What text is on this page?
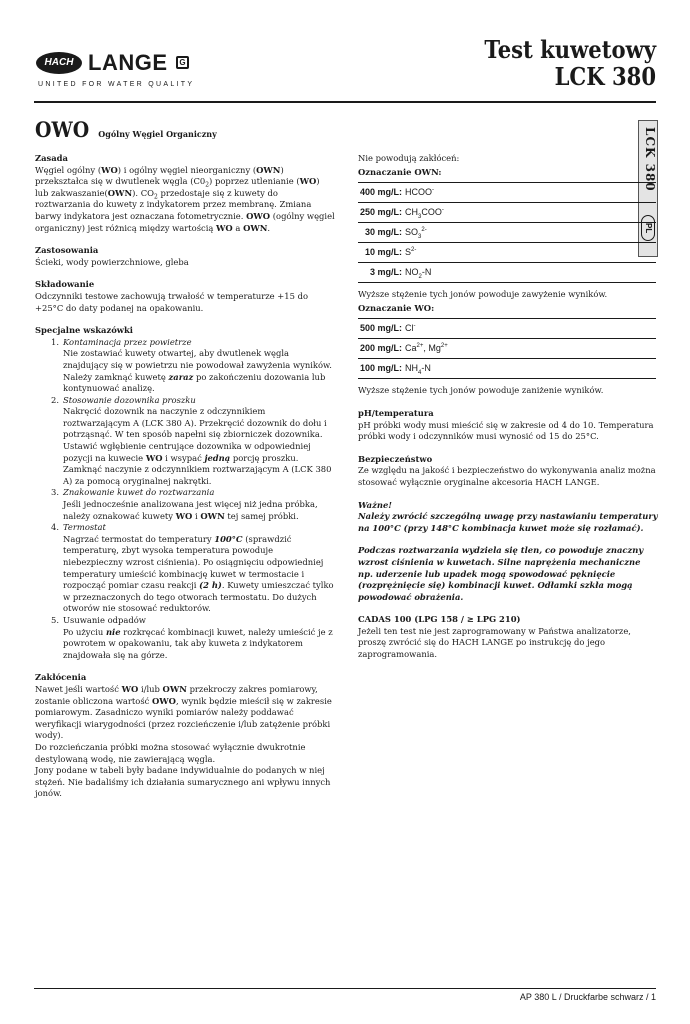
HACH LANGE	G
UNITED FOR WATER QUALITY
Test kuwetowy
LCK 380
LCK 380
PL
OWO Ogólny Węgiel Organiczny

Zasada

Węgiel ogólny (WO) i ogólny węgiel nieorganiczny (OWN) przekształca się w dwutlenek węgla $(C0_2)$ poprzez utlenianie (WO) lub zakwaszanie(OWN). $CO_2$ przedostaje się z kuwety do roztwarzania do kuwety z indykatorem przez membranę. Zmiana barwy indykatora jest oznaczana fotometrycznie. OWO (ogólny węgiel organiczny) jest różnicą między wartością WO a OWN.

Zastosowania

Ścieki, wody powierzchniowe, gleba

Składowanie

Odczynniki testowe zachowują trwałość w temperaturze +15 do +25°C do daty podanej na opakowaniu.

Specjalne wskazówki

1. Kontaminacja przez powietrze
Nie zostawiać kuwety otwartej, aby dwutlenek węgla znajdujący się w powietrzu nie powodował zawyżenia wyników. Należy zamknąć kuwetę zaraz po zakończeniu dozowania lub kontynuować analizę.
2. Stosowanie dozownika proszku
Nakręcić dozownik na naczynie z odczynnikiem roztwarzającym A (LCK 380 A). Przekręcić dozownik do dołu i potrząsnąć. W ten sposób napełni się zbiorniczek dozownika. Ustawić wgłębienie centrujące dozownika w odpowiedniej pozycji na kuwecie WO i wsypać jedną porcję proszku. Zamknąć naczynie z odczynnikiem roztwarzającym A (LCK 380 A) za pomocą oryginalnej nakrętki.
3. Znakowanie kuwet do roztwarzania
Jeśli jednocześnie analizowana jest więcej niż jedna próbka, należy oznakować kuwety WO i OWN tej samej próbki.
4. Termostat
Nagrzać termostat do temperatury 100°C (sprawdzić temperaturę, zbyt wysoka temperatura powoduje niebezpieczny wzrost ciśnienia). Po osiągnięciu odpowiedniej temperatury umieścić kombinację kuwet w termostacie i rozpocząć pomiar czasu reakcji (2 h). Kuwety umieszczać tylko w przeznaczonych do tego otworach termostatu. Do dużych otworów nie stosować reduktorów.
5. Usuwanie odpadów
Po użyciu nie rozkręcać kombinacji kuwet, należy umieścić je z powrotem w opakowaniu, tak aby kuweta z indykatorem znajdowała się na górze.

Zakłócenia

Nawet jeśli wartość WO i/lub OWN przekroczy zakres pomiarowy, zostanie obliczona wartość OWO, wynik będzie mieścił się w zakresie pomiarowym. Zasadniczo wyniki pomiarów należy poddawać weryfikacji wiarygodności (przez rozcieńczenie i/lub zatężenie próbki wody).

Do rozcieńczania próbki można stosować wyłącznie dwukrotnie destylowaną wodę, nie zawierającą węgla.

Jony podane w tabeli były badane indywidualnie do podanych w niej stężeń. Nie badaliśmy ich działania sumarycznego ani wpływu innych jonów.

Nie powodują zakłóceń:

Oznaczanie OWN:

400 mg/L: HCOO-
250 mg/L: $CH_3COO^-$
30 mg/L: $SO_3^{2-}$
10 mg/L: $S^{2-}$
3 mg/L: $NO_2-N$

Wyższe stężenie tych jonów powoduje zawyżenie wyników.

Oznaczanie WO:

500 mg/L: Cl-
200 mg/L: $Ca^{2+}$, $Mg^{2+}$
100 mg/L: $NH_4-N$

Wyższe stężenie tych jonów powoduje zaniżenie wyników.

pH/temperatura

pH próbki wody musi mieścić się w zakresie od 4 do 10. Temperatura próbki wody i odczynników musi wynosić od 15 do 25°C.

Bezpieczeństwo

Ze względu na jakość i bezpieczeństwo do wykonywania analiz można stosować wyłącznie oryginalne akcesoria HACH LANGE.

Ważne!

Należy zwrócić szczególną uwagę przy nastawianiu temperatury na 100°C (przy 148°C kombinacja kuwet może się rozłamać).

Podczas roztwarzania wydziela się tlen, co powoduje znaczny wzrost ciśnienia w kuwetach. Silne naprężenia mechaniczne np. uderzenie lub upadek mogą spowodować pęknięcie (rozprężnięcie się) kombinacji kuwet. Odłamki szkła mogą powodować obrażenia.

CADAS 100 (LPG 158 / ≥ LPG 210)

Jeżeli ten test nie jest zaprogramowany w Państwa analizatorze, proszę zwrócić się do HACH LANGE po instrukcję do jego zaprogramowania.

AP 380 L / Druckfarbe schwarz / 1
